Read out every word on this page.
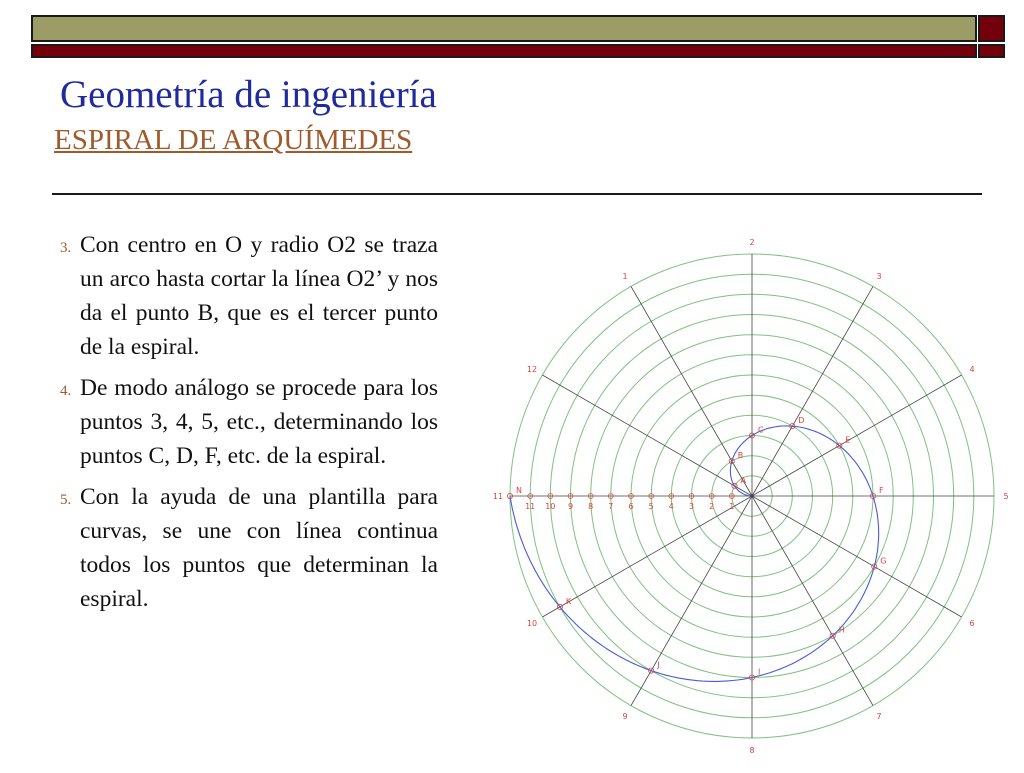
Geometría de ingeniería
ESPIRAL DE ARQUÍMEDES
3. Con centro en O y radio O2 se traza un arco hasta cortar la línea O2’ y nos da el punto B, que es el tercer punto de la espiral.
4. De modo análogo se procede para los puntos 3, 4, 5, etc., determinando los puntos C, D, F, etc. de la espiral.
5. Con la ayuda de una plantilla para curvas, se une con línea continua todos los puntos que determinan la espiral.
1
2
3
4
5
6
7
8
9
10
11
12
1
2
3
4
5
6
7
8
9
10
11
A
B
C
D
E
F
G
H
I
J
K
N
